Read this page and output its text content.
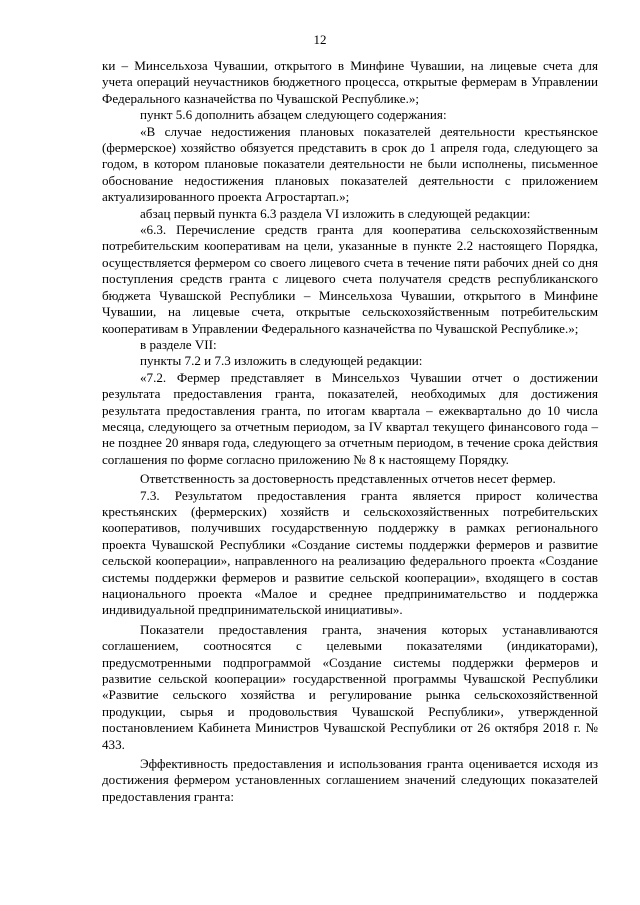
12

ки – Минсельхоза Чувашии, открытого в Минфине Чувашии, на лицевые счета для учета операций неучастников бюджетного процесса, открытые фермерам в Управлении Федерального казначейства по Чувашской Республике.»;

пункт 5.6 дополнить абзацем следующего содержания:

«В случае недостижения плановых показателей деятельности крестьянское (фермерское) хозяйство обязуется представить в срок до 1 апреля года, следующего за годом, в котором плановые показатели деятельности не были исполнены, письменное обоснование недостижения плановых показателей деятельности с приложением актуализированного проекта Агростартап.»;

абзац первый пункта 6.3 раздела VI изложить в следующей редакции:

«6.3. Перечисление средств гранта для кооператива сельскохозяйственным потребительским кооперативам на цели, указанные в пункте 2.2 настоящего Порядка, осуществляется фермером со своего лицевого счета в течение пяти рабочих дней со дня поступления средств гранта с лицевого счета получателя средств республиканского бюджета Чувашской Республики – Минсельхоза Чувашии, открытого в Минфине Чувашии, на лицевые счета, открытые сельскохозяйственным потребительским кооперативам в Управлении Федерального казначейства по Чувашской Республике.»;

в разделе VII:

пункты 7.2 и 7.3 изложить в следующей редакции:

«7.2. Фермер представляет в Минсельхоз Чувашии отчет о достижении результата предоставления гранта, показателей, необходимых для достижения результата предоставления гранта, по итогам квартала – ежеквартально до 10 числа месяца, следующего за отчетным периодом, за IV квартал текущего финансового года – не позднее 20 января года, следующего за отчетным периодом, в течение срока действия соглашения по форме согласно приложению № 8 к настоящему Порядку.

Ответственность за достоверность представленных отчетов несет фермер.

7.3. Результатом предоставления гранта является прирост количества крестьянских (фермерских) хозяйств и сельскохозяйственных потребительских кооперативов, получивших государственную поддержку в рамках регионального проекта Чувашской Республики «Создание системы поддержки фермеров и развитие сельской кооперации», направленного на реализацию федерального проекта «Создание системы поддержки фермеров и развитие сельской кооперации», входящего в состав национального проекта «Малое и среднее предпринимательство и поддержка индивидуальной предпринимательской инициативы».

Показатели предоставления гранта, значения которых устанавливаются соглашением, соотносятся с целевыми показателями (индикаторами), предусмотренными подпрограммой «Создание системы поддержки фермеров и развитие сельской кооперации» государственной программы Чувашской Республики «Развитие сельского хозяйства и регулирование рынка сельскохозяйственной продукции, сырья и продовольствия Чувашской Республики», утвержденной постановлением Кабинета Министров Чувашской Республики от 26 октября 2018 г. № 433.

Эффективность предоставления и использования гранта оценивается исходя из достижения фермером установленных соглашением значений следующих показателей предоставления гранта:
